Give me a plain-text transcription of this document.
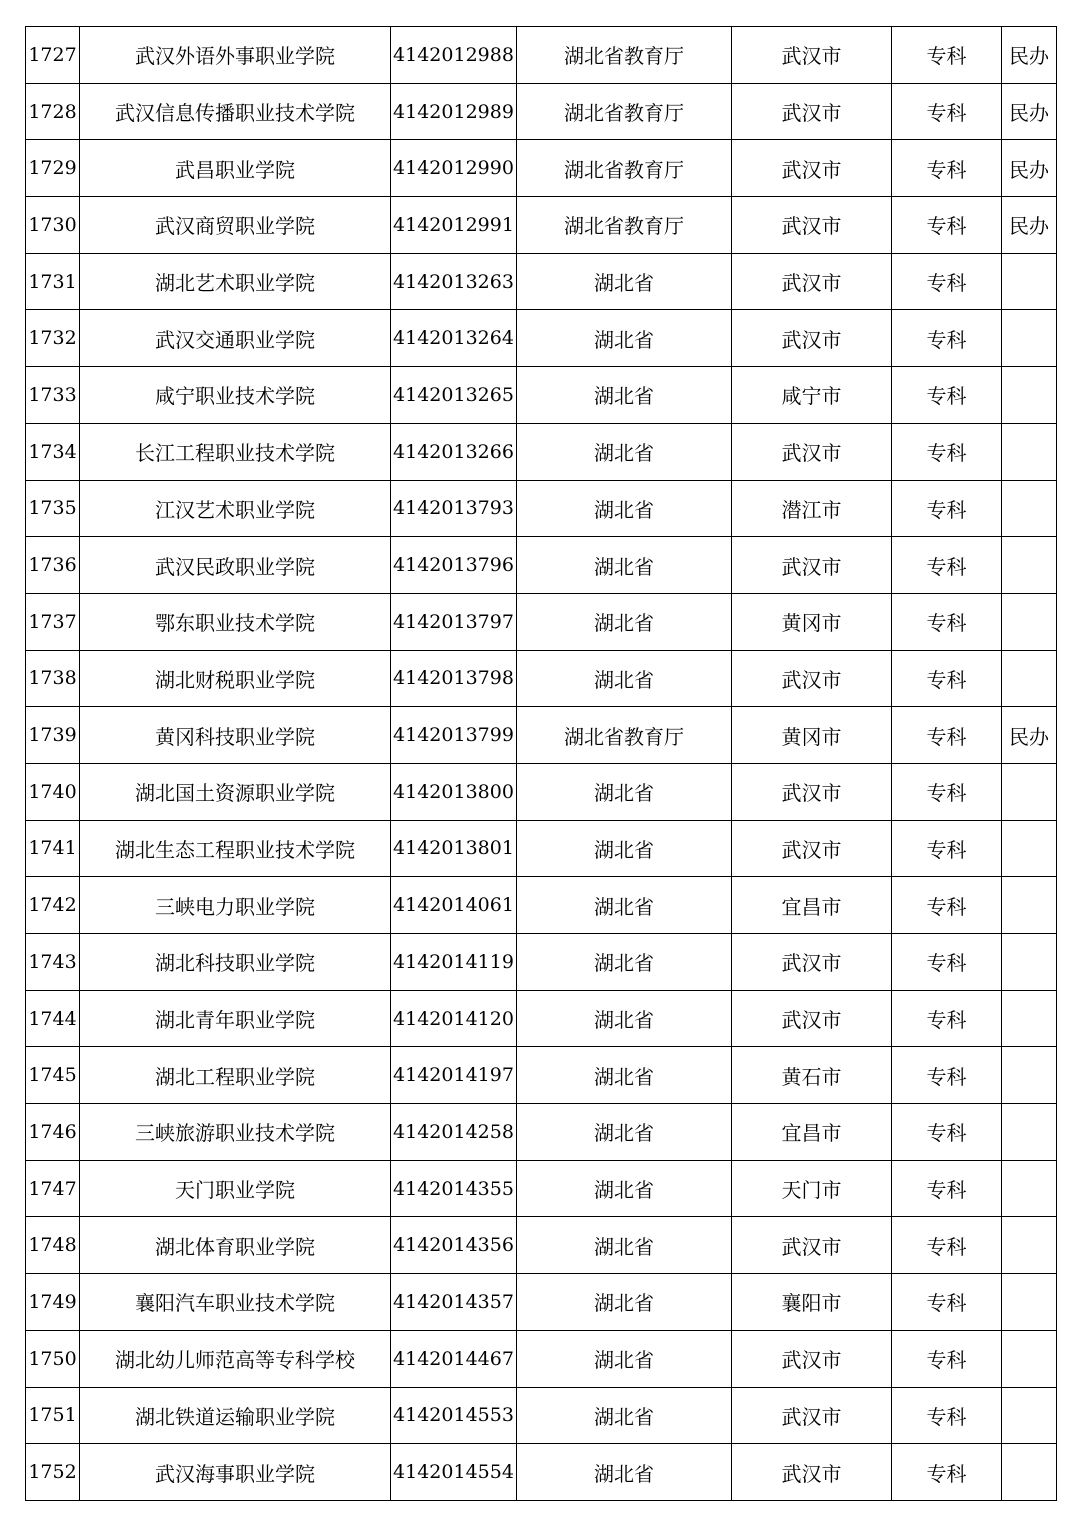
1727	武汉外语外事职业学院	4142012988	湖北省教育厅	武汉市	专科	民办
1728	武汉信息传播职业技术学院	4142012989	湖北省教育厅	武汉市	专科	民办
1729	武昌职业学院	4142012990	湖北省教育厅	武汉市	专科	民办
1730	武汉商贸职业学院	4142012991	湖北省教育厅	武汉市	专科	民办
1731	湖北艺术职业学院	4142013263	湖北省	武汉市	专科	
1732	武汉交通职业学院	4142013264	湖北省	武汉市	专科	
1733	咸宁职业技术学院	4142013265	湖北省	咸宁市	专科	
1734	长江工程职业技术学院	4142013266	湖北省	武汉市	专科	
1735	江汉艺术职业学院	4142013793	湖北省	潜江市	专科	
1736	武汉民政职业学院	4142013796	湖北省	武汉市	专科	
1737	鄂东职业技术学院	4142013797	湖北省	黄冈市	专科	
1738	湖北财税职业学院	4142013798	湖北省	武汉市	专科	
1739	黄冈科技职业学院	4142013799	湖北省教育厅	黄冈市	专科	民办
1740	湖北国土资源职业学院	4142013800	湖北省	武汉市	专科	
1741	湖北生态工程职业技术学院	4142013801	湖北省	武汉市	专科	
1742	三峡电力职业学院	4142014061	湖北省	宜昌市	专科	
1743	湖北科技职业学院	4142014119	湖北省	武汉市	专科	
1744	湖北青年职业学院	4142014120	湖北省	武汉市	专科	
1745	湖北工程职业学院	4142014197	湖北省	黄石市	专科	
1746	三峡旅游职业技术学院	4142014258	湖北省	宜昌市	专科	
1747	天门职业学院	4142014355	湖北省	天门市	专科	
1748	湖北体育职业学院	4142014356	湖北省	武汉市	专科	
1749	襄阳汽车职业技术学院	4142014357	湖北省	襄阳市	专科	
1750	湖北幼儿师范高等专科学校	4142014467	湖北省	武汉市	专科	
1751	湖北铁道运输职业学院	4142014553	湖北省	武汉市	专科	
1752	武汉海事职业学院	4142014554	湖北省	武汉市	专科	
